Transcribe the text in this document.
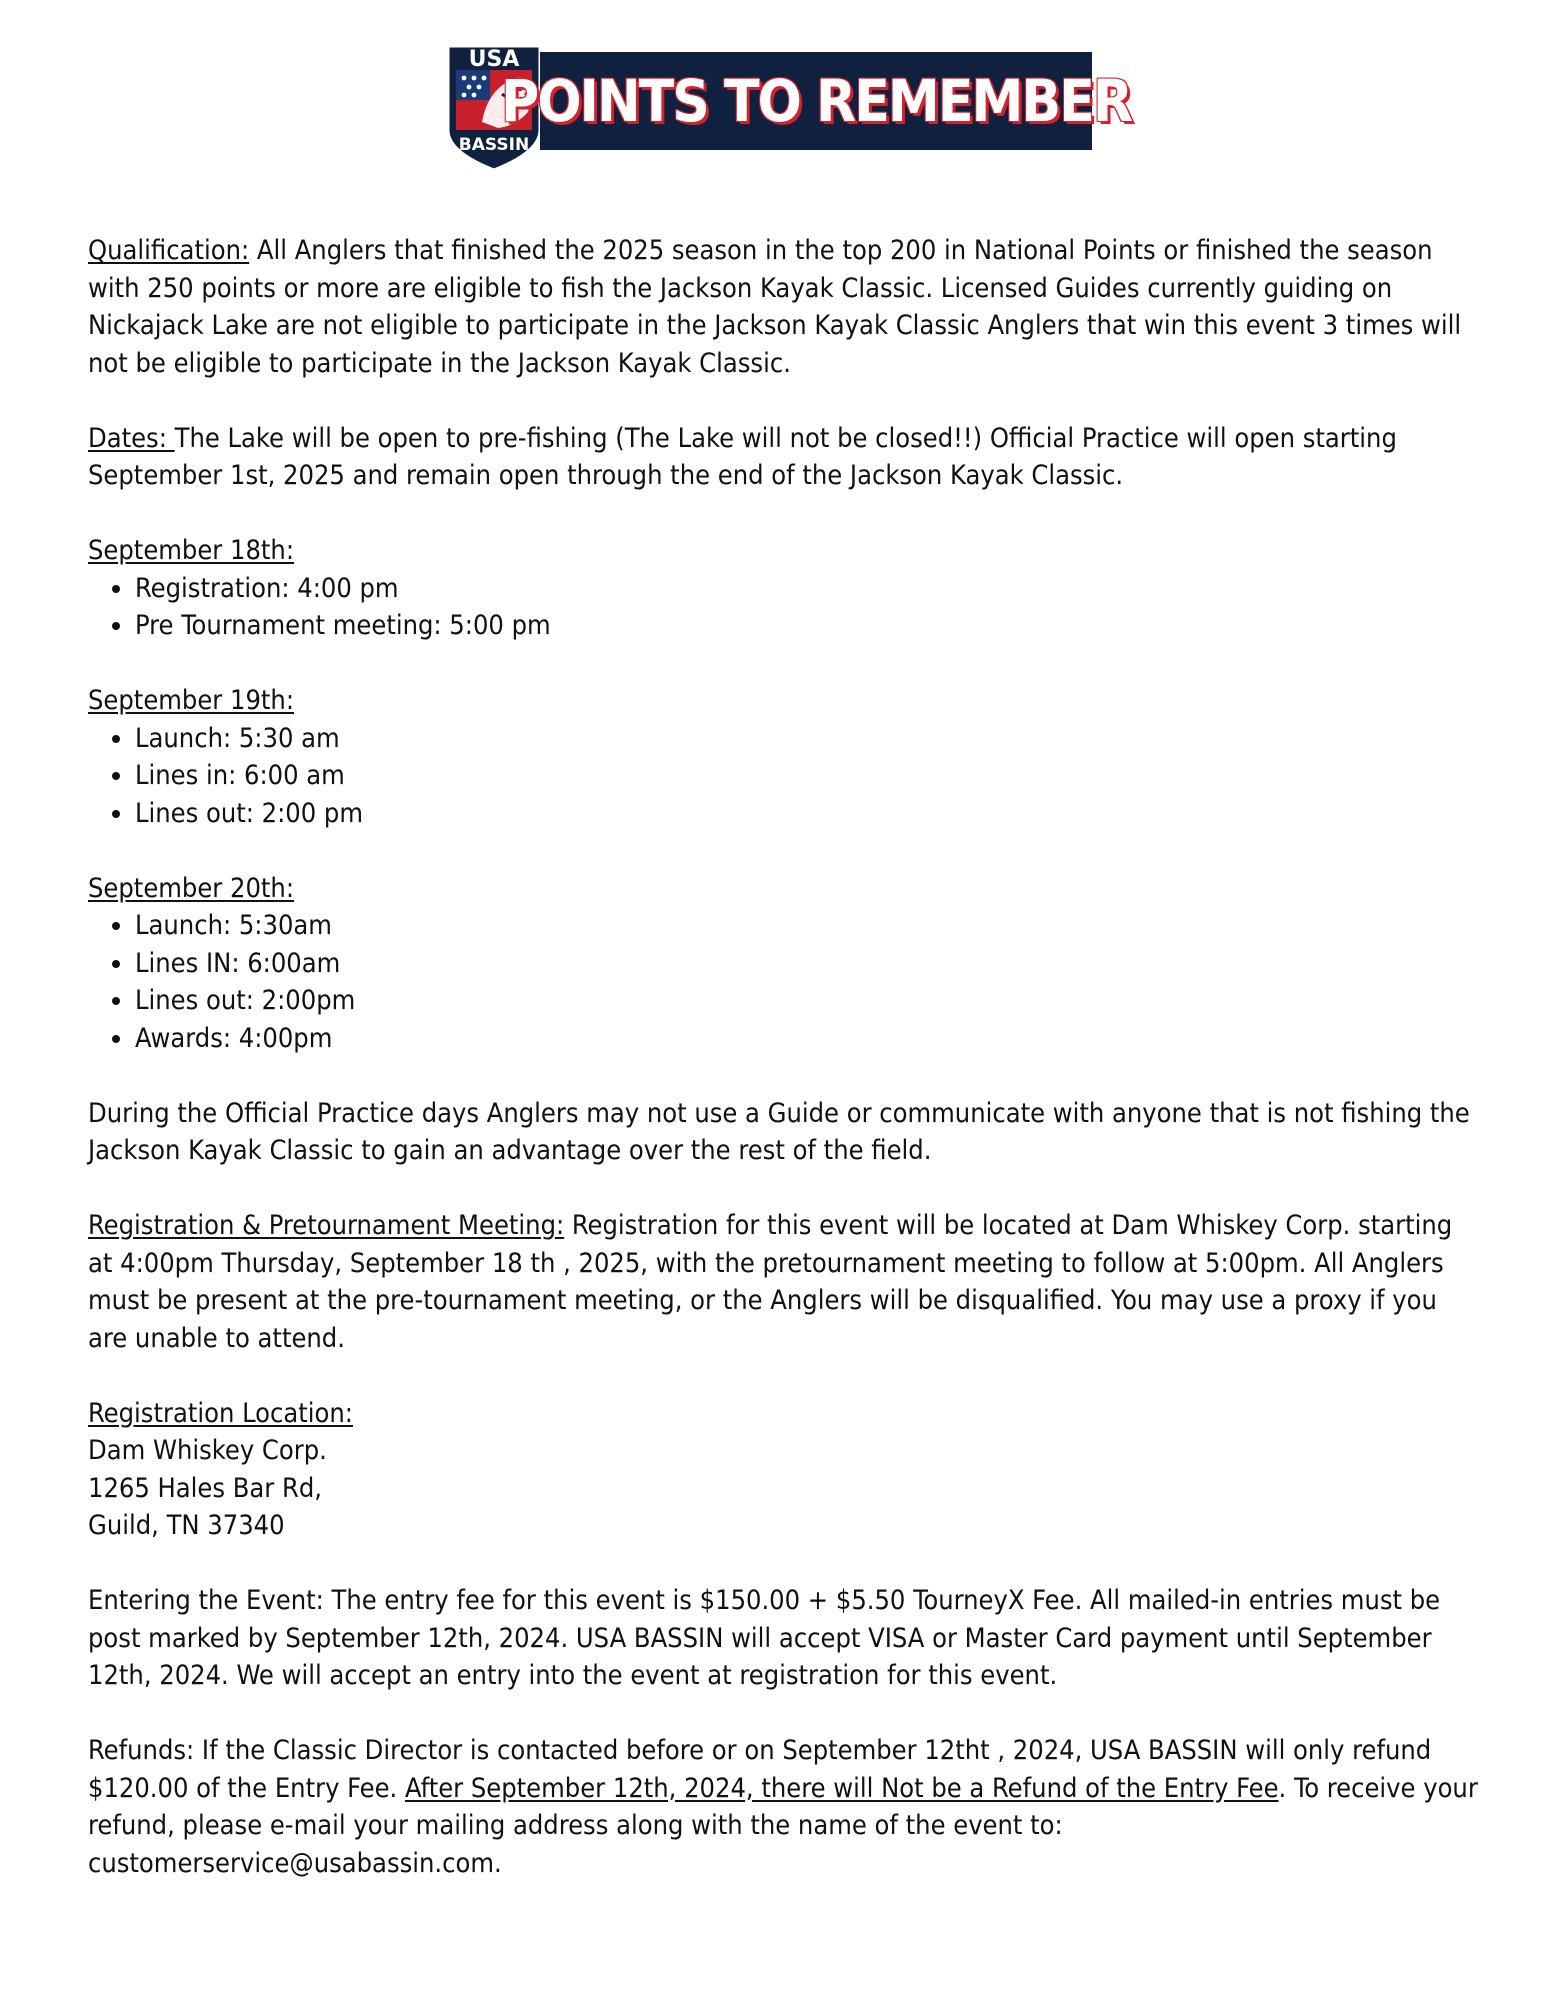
USA
BASSIN
POINTS TO REMEMBER

Qualification: All Anglers that finished the 2025 season in the top 200 in National Points or finished the season with 250 points or more are eligible to fish the Jackson Kayak Classic. Licensed Guides currently guiding on Nickajack Lake are not eligible to participate in the Jackson Kayak Classic Anglers that win this event 3 times will not be eligible to participate in the Jackson Kayak Classic.

Dates: The Lake will be open to pre-fishing (The Lake will not be closed!!) Official Practice will open starting September 1st, 2025 and remain open through the end of the Jackson Kayak Classic.

September 18th:

• Registration: 4:00 pm
• Pre Tournament meeting: 5:00 pm

September 19th:

• Launch: 5:30 am
• Lines in: 6:00 am
• Lines out: 2:00 pm

September 20th:

• Launch: 5:30am
• Lines IN: 6:00am
• Lines out: 2:00pm
• Awards: 4:00pm

During the Official Practice days Anglers may not use a Guide or communicate with anyone that is not fishing the Jackson Kayak Classic to gain an advantage over the rest of the field.

Registration & Pretournament Meeting: Registration for this event will be located at Dam Whiskey Corp. starting at 4:00pm Thursday, September 18 th , 2025, with the pretournament meeting to follow at 5:00pm. All Anglers must be present at the pre-tournament meeting, or the Anglers will be disqualified. You may use a proxy if you are unable to attend.

Registration Location:

Dam Whiskey Corp.

1265 Hales Bar Rd,

Guild, TN 37340

Entering the Event: The entry fee for this event is $150.00 + $5.50 TourneyX Fee. All mailed-in entries must be post marked by September 12th, 2024. USA BASSIN will accept VISA or Master Card payment until September 12th, 2024. We will accept an entry into the event at registration for this event.

Refunds: If the Classic Director is contacted before or on September 12tht , 2024, USA BASSIN will only refund $120.00 of the Entry Fee. After September 12th, 2024, there will Not be a Refund of the Entry Fee. To receive your refund, please e-mail your mailing address along with the name of the event to: customerservice@usabassin.com.
